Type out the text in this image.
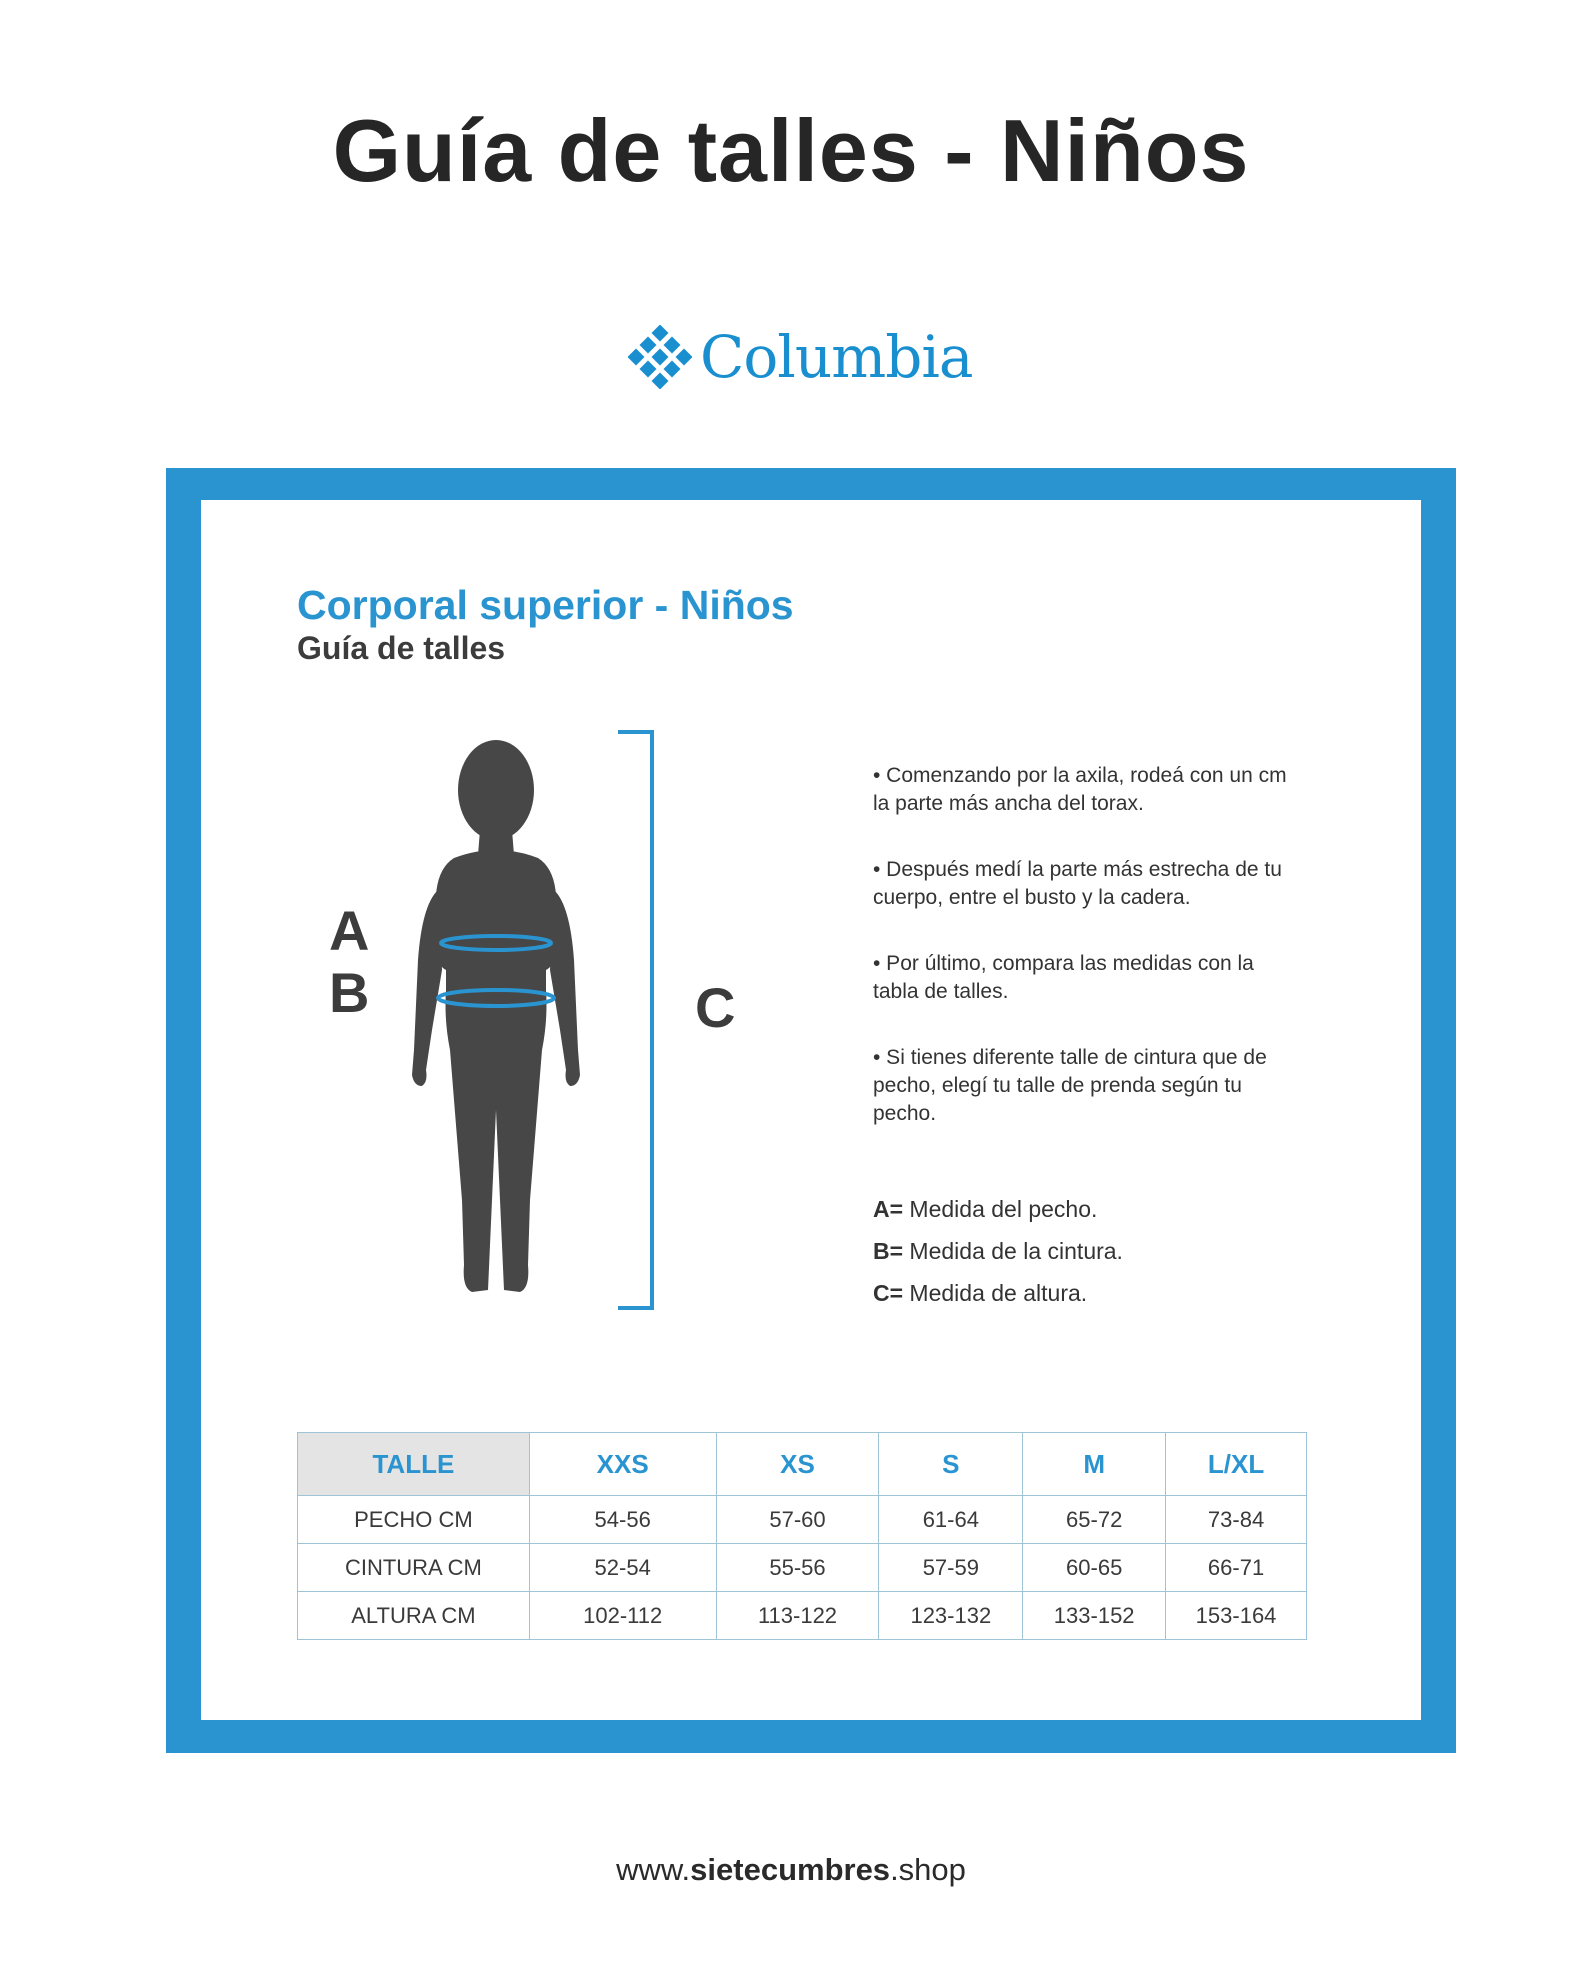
Guía de talles - Niños
Columbia
Corporal superior - Niños
Guía de talles
A
B	C

• Comenzando por la axila, rodeá con un cm la parte más ancha del torax.

• Después medí la parte más estrecha de tu cuerpo, entre el busto y la cadera.

• Por último, compara las medidas con la tabla de talles.

• Si tienes diferente talle de cintura que de pecho, elegí tu talle de prenda según tu pecho.

A= Medida del pecho.
B= Medida de la cintura.
C= Medida de altura.
TALLE	XXS	XS	S	M	L/XL
PECHO CM	54-56	57-60	61-64	65-72	73-84
CINTURA CM	52-54	55-56	57-59	60-65	66-71
ALTURA CM	102-112	113-122	123-132	133-152	153-164
www.sietecumbres.shop
